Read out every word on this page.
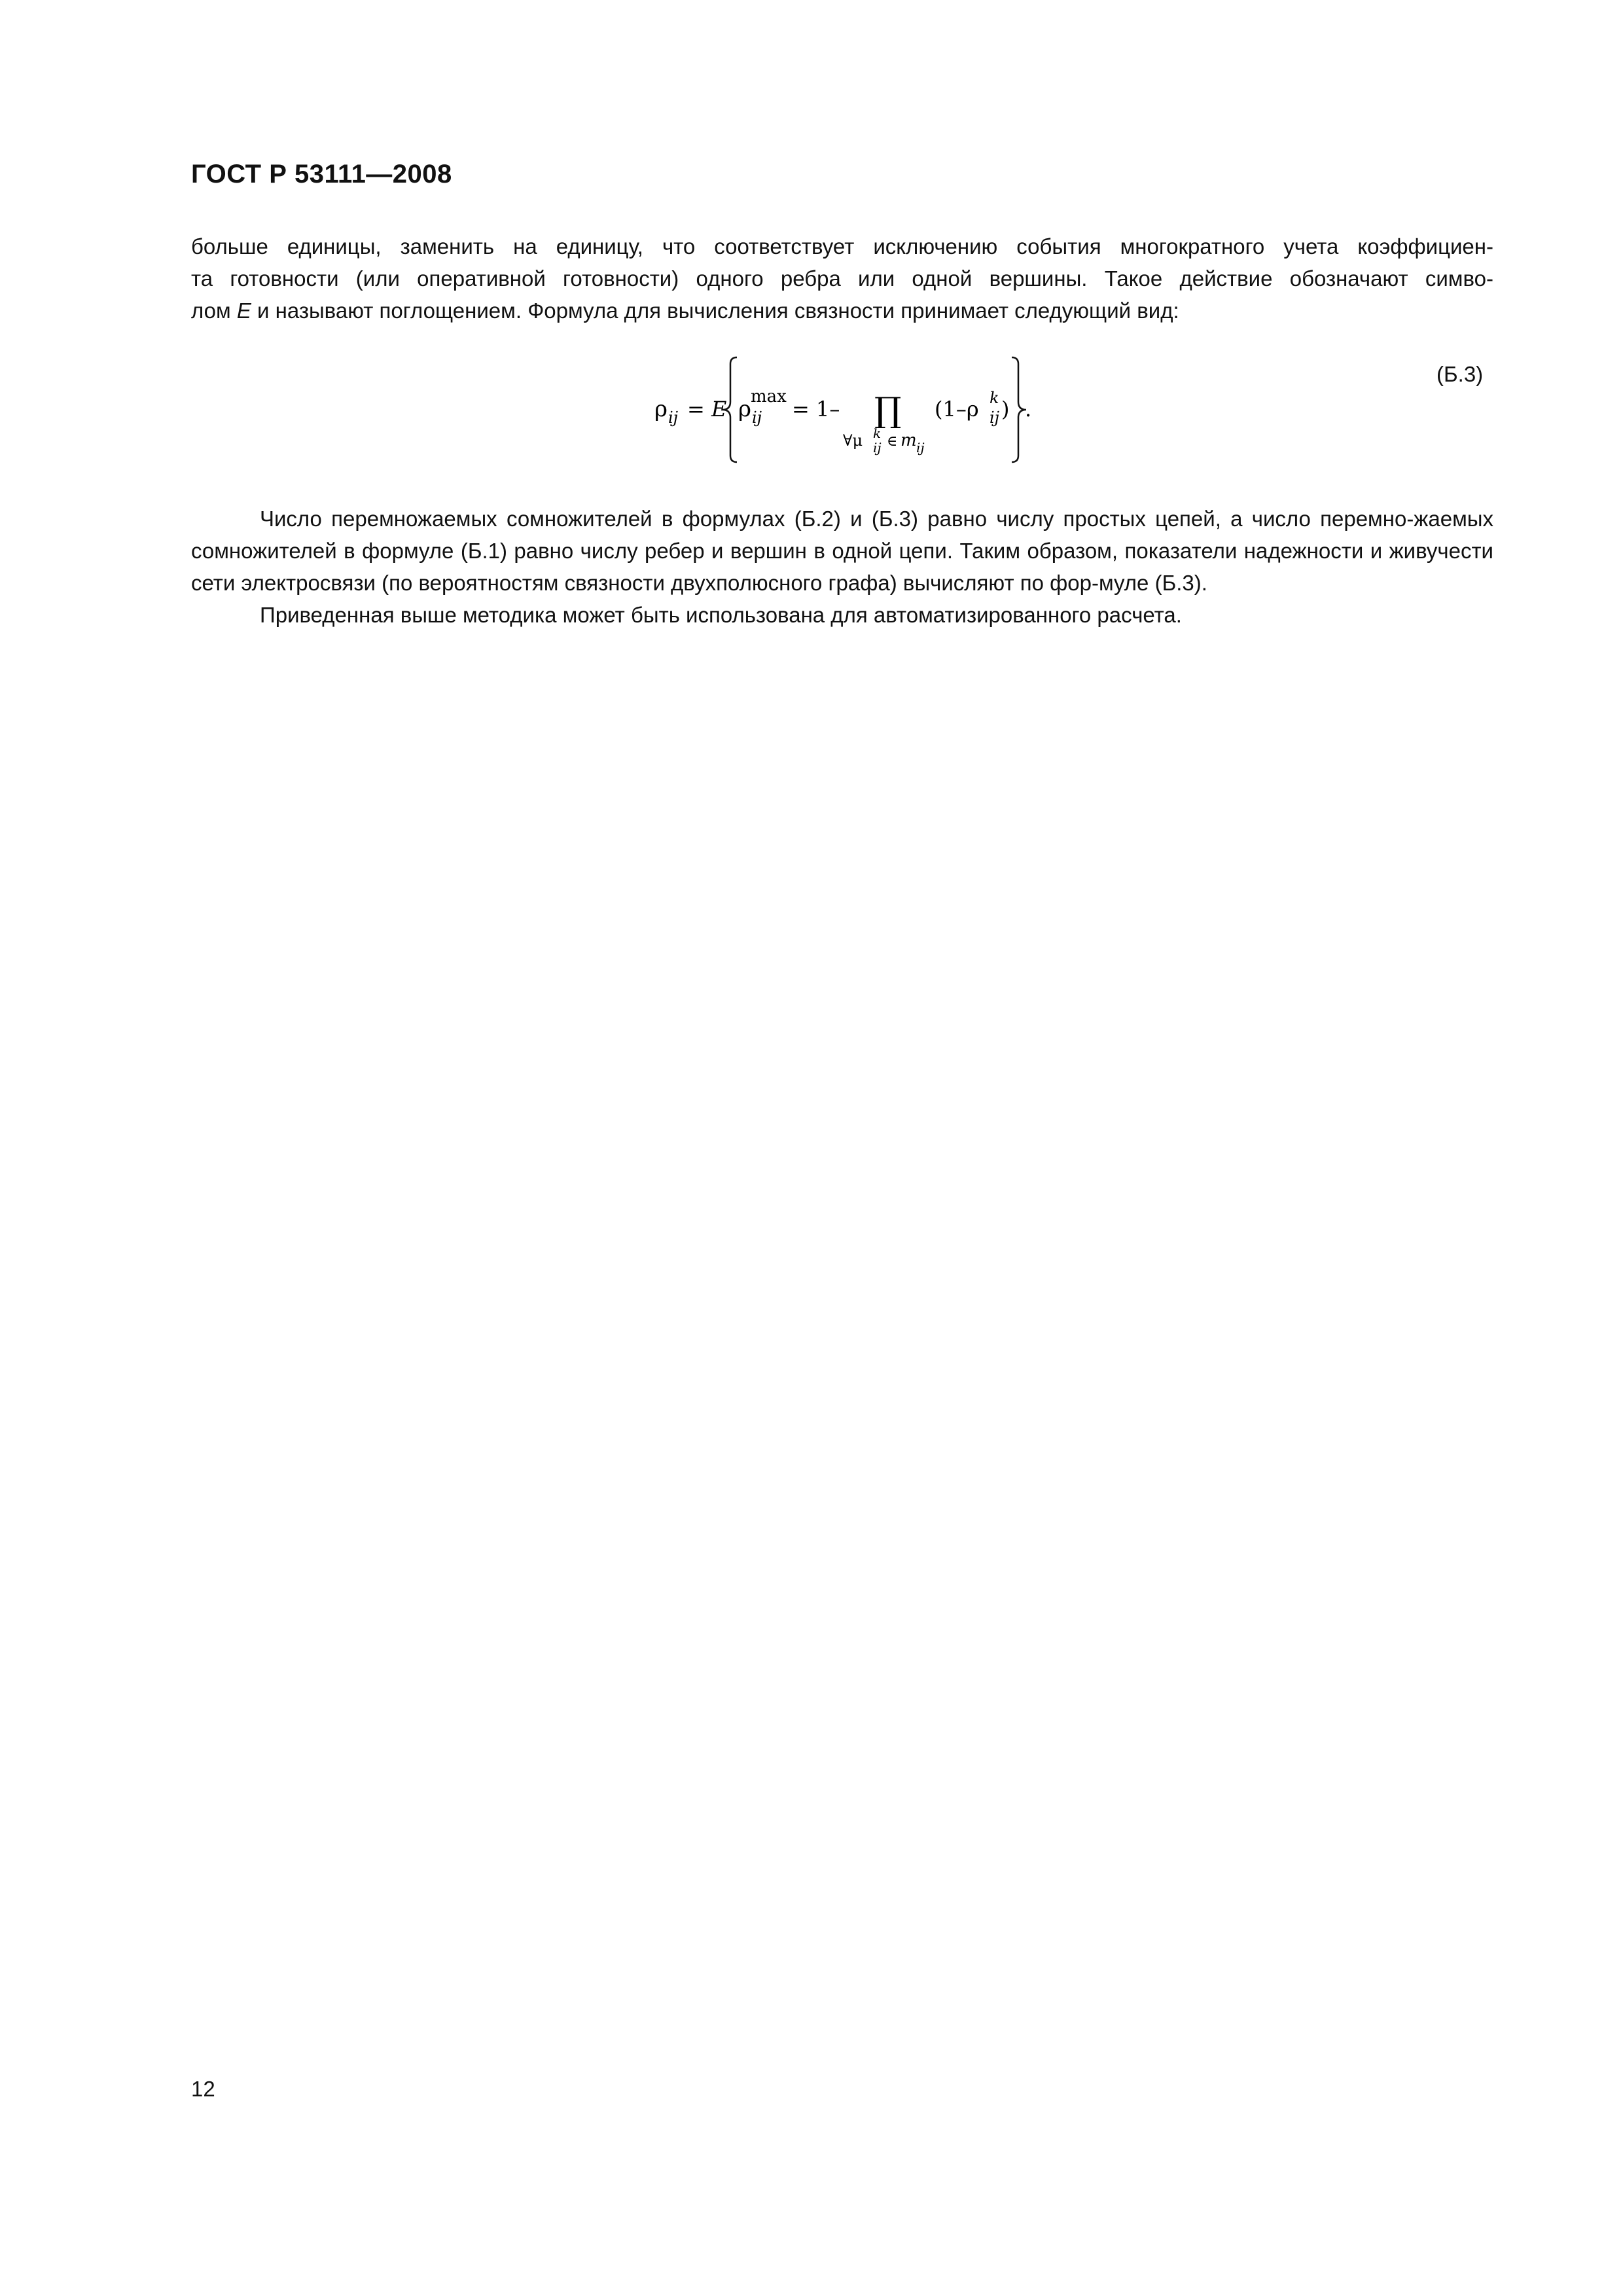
ГОСТ Р 53111—2008
больше единицы, заменить на единицу, что соответствует исключению события многократного учета коэффициен-
та готовности (или оперативной готовности) одного ребра или одной вершины. Такое действие обозначают симво-
лом E и называют поглощением. Формула для вычисления связности принимает следующий вид:
ρ ij = E ρ ij
max = 1– ∏
∀μ k
ij ∈ m ij
(1–ρ ij
k ) .
(Б.3)
Число перемножаемых сомножителей в формулах (Б.2) и (Б.3) равно числу простых цепей, а число перемно-жаемых сомножителей в формуле (Б.1) равно числу ребер и вершин в одной цепи. Таким образом, показатели надежности и живучести сети электросвязи (по вероятностям связности двухполюсного графа) вычисляют по фор-муле (Б.3).
Приведенная выше методика может быть использована для автоматизированного расчета.
12
